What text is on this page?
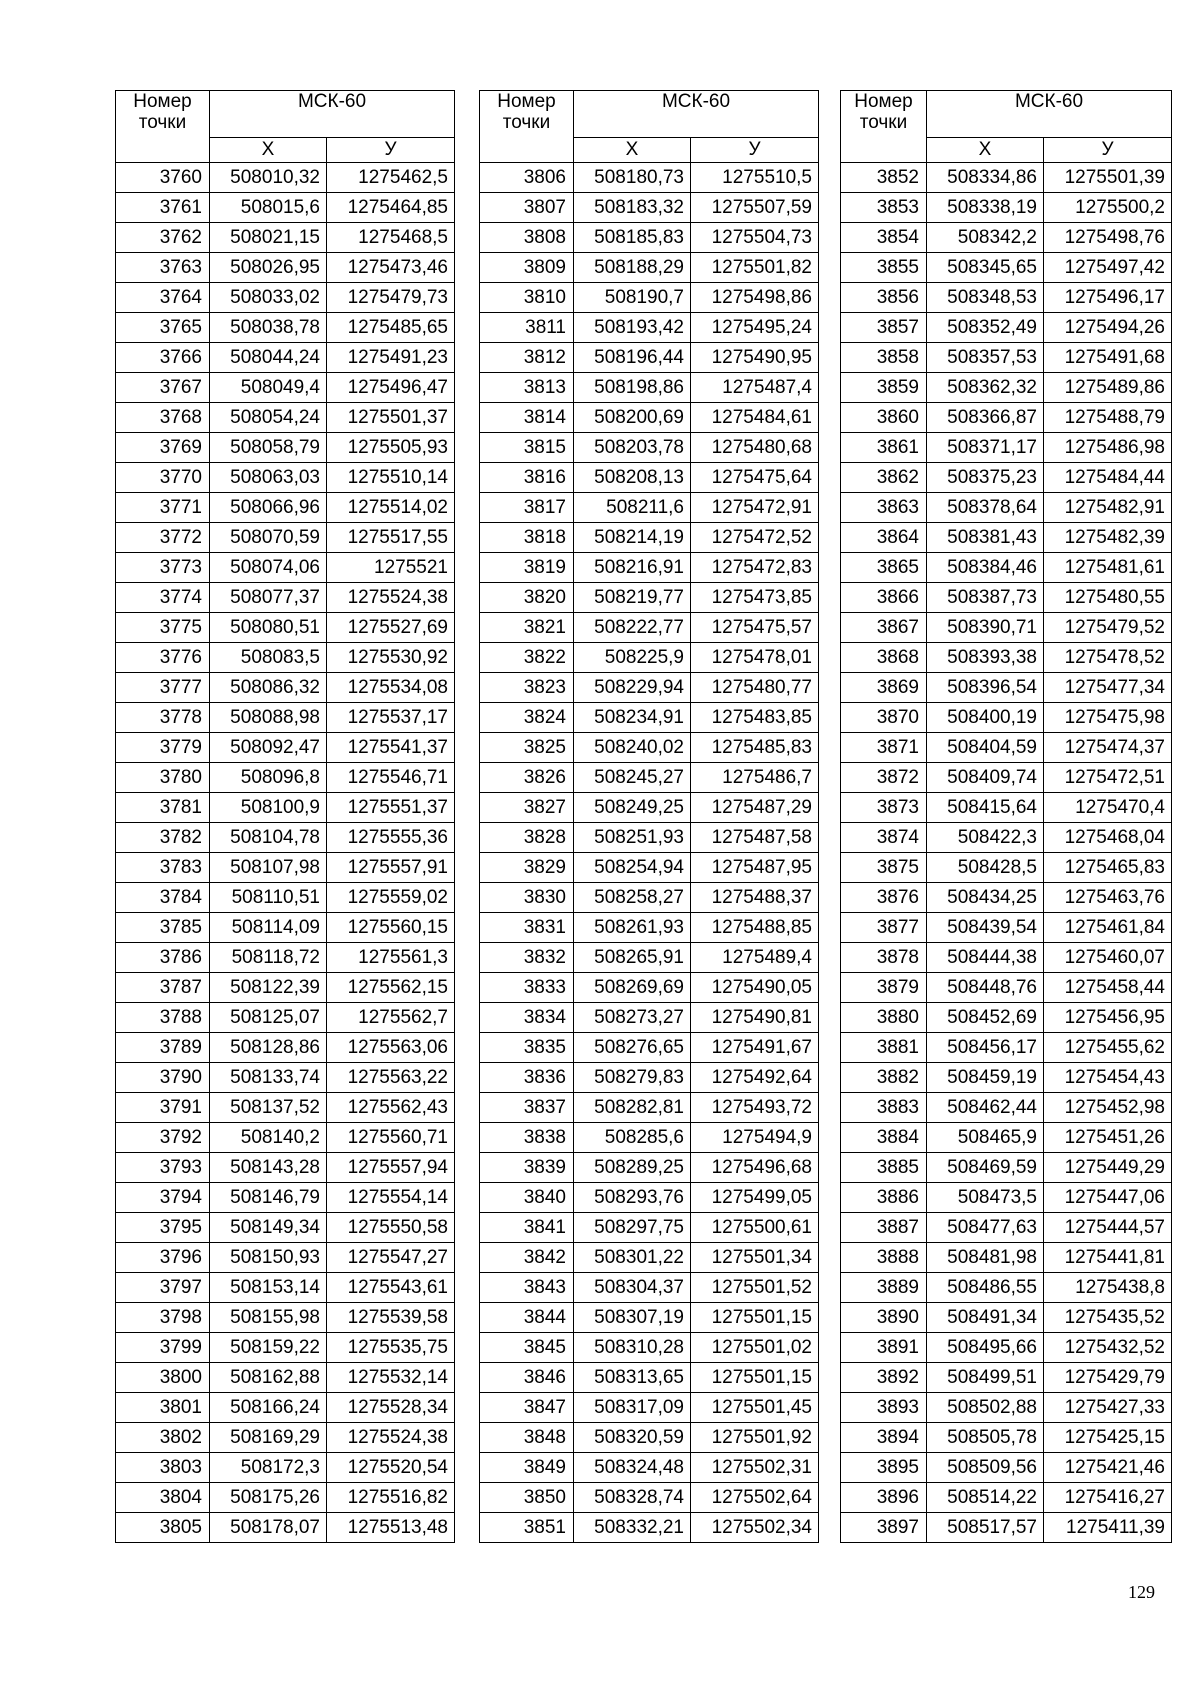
Номер точки	МСК-60	
	Х	У
3760	508010,32	1275462,5
3761	508015,6	1275464,85
3762	508021,15	1275468,5
3763	508026,95	1275473,46
3764	508033,02	1275479,73
3765	508038,78	1275485,65
3766	508044,24	1275491,23
3767	508049,4	1275496,47
3768	508054,24	1275501,37
3769	508058,79	1275505,93
3770	508063,03	1275510,14
3771	508066,96	1275514,02
3772	508070,59	1275517,55
3773	508074,06	1275521
3774	508077,37	1275524,38
3775	508080,51	1275527,69
3776	508083,5	1275530,92
3777	508086,32	1275534,08
3778	508088,98	1275537,17
3779	508092,47	1275541,37
3780	508096,8	1275546,71
3781	508100,9	1275551,37
3782	508104,78	1275555,36
3783	508107,98	1275557,91
3784	508110,51	1275559,02
3785	508114,09	1275560,15
3786	508118,72	1275561,3
3787	508122,39	1275562,15
3788	508125,07	1275562,7
3789	508128,86	1275563,06
3790	508133,74	1275563,22
3791	508137,52	1275562,43
3792	508140,2	1275560,71
3793	508143,28	1275557,94
3794	508146,79	1275554,14
3795	508149,34	1275550,58
3796	508150,93	1275547,27
3797	508153,14	1275543,61
3798	508155,98	1275539,58
3799	508159,22	1275535,75
3800	508162,88	1275532,14
3801	508166,24	1275528,34
3802	508169,29	1275524,38
3803	508172,3	1275520,54
3804	508175,26	1275516,82
3805	508178,07	1275513,48
Номер точки	МСК-60	
	Х	У
3806	508180,73	1275510,5
3807	508183,32	1275507,59
3808	508185,83	1275504,73
3809	508188,29	1275501,82
3810	508190,7	1275498,86
3811	508193,42	1275495,24
3812	508196,44	1275490,95
3813	508198,86	1275487,4
3814	508200,69	1275484,61
3815	508203,78	1275480,68
3816	508208,13	1275475,64
3817	508211,6	1275472,91
3818	508214,19	1275472,52
3819	508216,91	1275472,83
3820	508219,77	1275473,85
3821	508222,77	1275475,57
3822	508225,9	1275478,01
3823	508229,94	1275480,77
3824	508234,91	1275483,85
3825	508240,02	1275485,83
3826	508245,27	1275486,7
3827	508249,25	1275487,29
3828	508251,93	1275487,58
3829	508254,94	1275487,95
3830	508258,27	1275488,37
3831	508261,93	1275488,85
3832	508265,91	1275489,4
3833	508269,69	1275490,05
3834	508273,27	1275490,81
3835	508276,65	1275491,67
3836	508279,83	1275492,64
3837	508282,81	1275493,72
3838	508285,6	1275494,9
3839	508289,25	1275496,68
3840	508293,76	1275499,05
3841	508297,75	1275500,61
3842	508301,22	1275501,34
3843	508304,37	1275501,52
3844	508307,19	1275501,15
3845	508310,28	1275501,02
3846	508313,65	1275501,15
3847	508317,09	1275501,45
3848	508320,59	1275501,92
3849	508324,48	1275502,31
3850	508328,74	1275502,64
3851	508332,21	1275502,34
Номер точки	МСК-60	
	Х	У
3852	508334,86	1275501,39
3853	508338,19	1275500,2
3854	508342,2	1275498,76
3855	508345,65	1275497,42
3856	508348,53	1275496,17
3857	508352,49	1275494,26
3858	508357,53	1275491,68
3859	508362,32	1275489,86
3860	508366,87	1275488,79
3861	508371,17	1275486,98
3862	508375,23	1275484,44
3863	508378,64	1275482,91
3864	508381,43	1275482,39
3865	508384,46	1275481,61
3866	508387,73	1275480,55
3867	508390,71	1275479,52
3868	508393,38	1275478,52
3869	508396,54	1275477,34
3870	508400,19	1275475,98
3871	508404,59	1275474,37
3872	508409,74	1275472,51
3873	508415,64	1275470,4
3874	508422,3	1275468,04
3875	508428,5	1275465,83
3876	508434,25	1275463,76
3877	508439,54	1275461,84
3878	508444,38	1275460,07
3879	508448,76	1275458,44
3880	508452,69	1275456,95
3881	508456,17	1275455,62
3882	508459,19	1275454,43
3883	508462,44	1275452,98
3884	508465,9	1275451,26
3885	508469,59	1275449,29
3886	508473,5	1275447,06
3887	508477,63	1275444,57
3888	508481,98	1275441,81
3889	508486,55	1275438,8
3890	508491,34	1275435,52
3891	508495,66	1275432,52
3892	508499,51	1275429,79
3893	508502,88	1275427,33
3894	508505,78	1275425,15
3895	508509,56	1275421,46
3896	508514,22	1275416,27
3897	508517,57	1275411,39
129
